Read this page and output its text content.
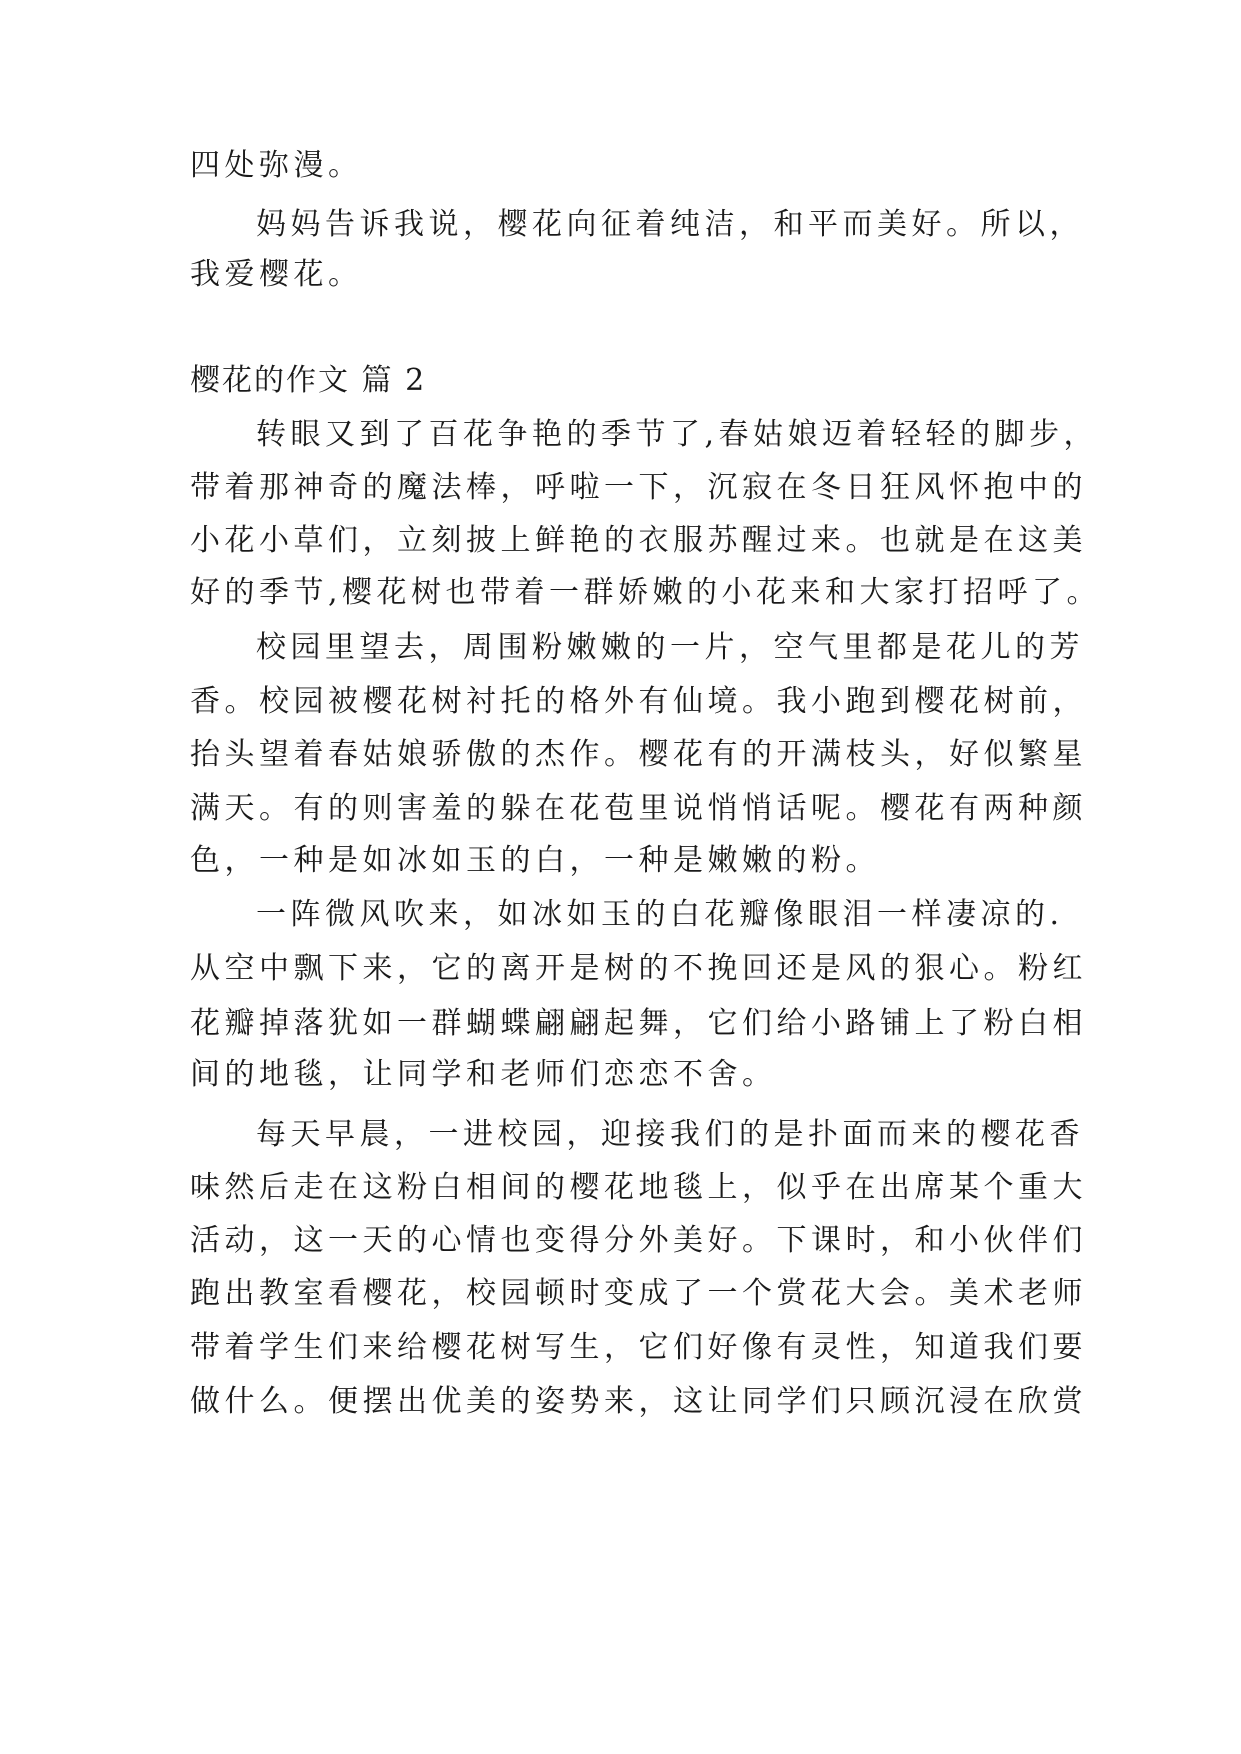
四处弥漫。
妈妈告诉我说，樱花向征着纯洁，和平而美好。所以，
我爱樱花。
樱花的作文 篇 2
转眼又到了百花争艳的季节了,春姑娘迈着轻轻的脚步，
带着那神奇的魔法棒，呼啦一下，沉寂在冬日狂风怀抱中的
小花小草们，立刻披上鲜艳的衣服苏醒过来。也就是在这美
好的季节,樱花树也带着一群娇嫩的小花来和大家打招呼了。
校园里望去，周围粉嫩嫩的一片，空气里都是花儿的芳
香。校园被樱花树衬托的格外有仙境。我小跑到樱花树前，
抬头望着春姑娘骄傲的杰作。樱花有的开满枝头，好似繁星
满天。有的则害羞的躲在花苞里说悄悄话呢。樱花有两种颜
色，一种是如冰如玉的白，一种是嫩嫩的粉。
一阵微风吹来，如冰如玉的白花瓣像眼泪一样凄凉的.
从空中飘下来，它的离开是树的不挽回还是风的狠心。粉红
花瓣掉落犹如一群蝴蝶翩翩起舞，它们给小路铺上了粉白相
间的地毯，让同学和老师们恋恋不舍。
每天早晨，一进校园，迎接我们的是扑面而来的樱花香
味然后走在这粉白相间的樱花地毯上，似乎在出席某个重大
活动，这一天的心情也变得分外美好。下课时，和小伙伴们
跑出教室看樱花，校园顿时变成了一个赏花大会。美术老师
带着学生们来给樱花树写生，它们好像有灵性，知道我们要
做什么。便摆出优美的姿势来，这让同学们只顾沉浸在欣赏
